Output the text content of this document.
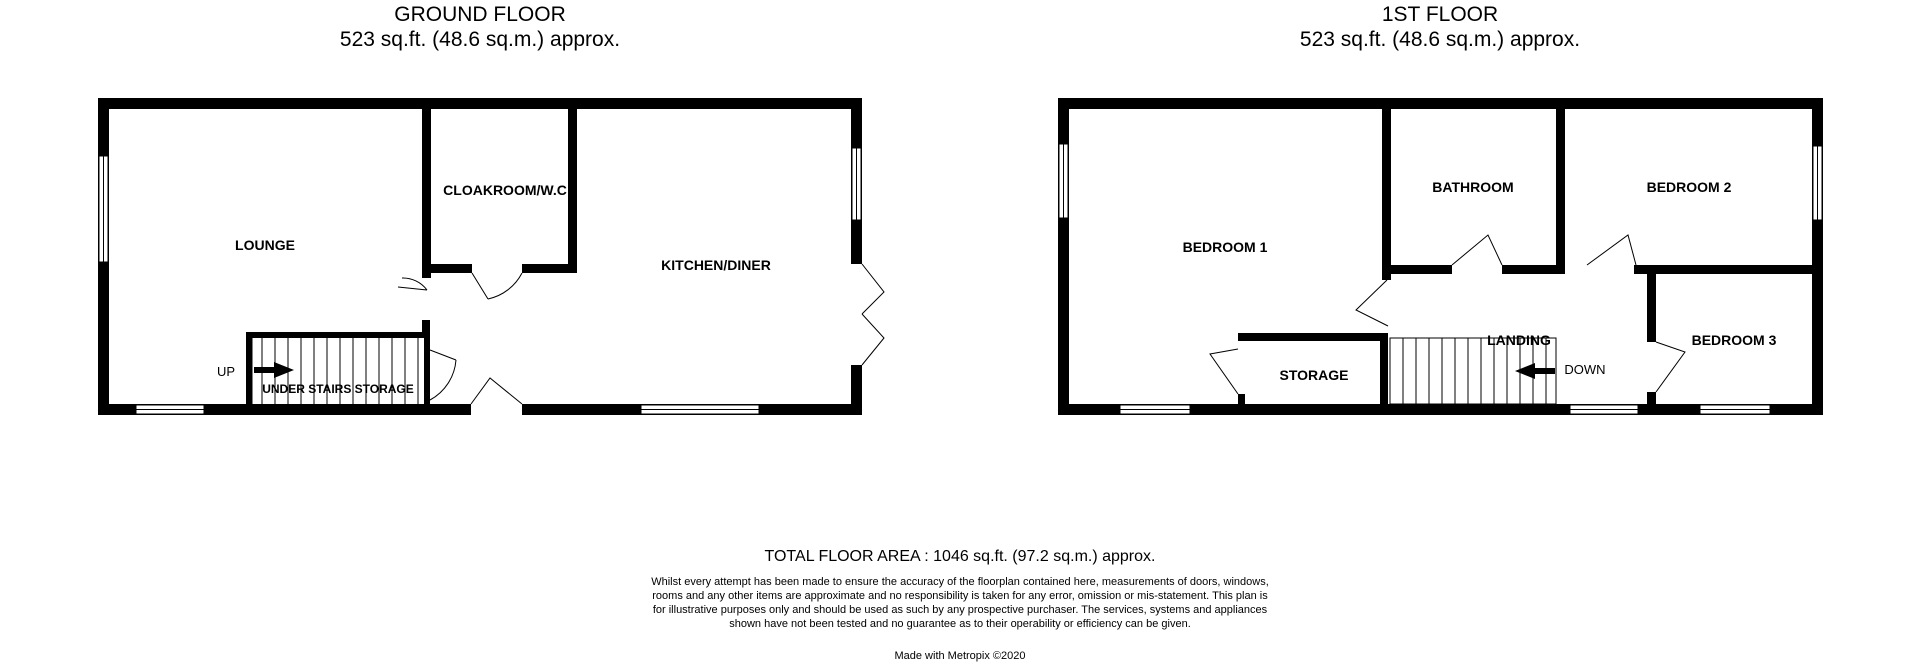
GROUND FLOOR
523 sq.ft. (48.6 sq.m.) approx.
1ST FLOOR
523 sq.ft. (48.6 sq.m.) approx.
LOUNGE
CLOAKROOM/W.C
KITCHEN/DINER
UNDER STAIRS STORAGE
UP
BEDROOM 1
BATHROOM	BEDROOM 2
BEDROOM 3
LANDING
STORAGE	DOWN
TOTAL FLOOR AREA : 1046 sq.ft. (97.2 sq.m.) approx.
Whilst every attempt has been made to ensure the accuracy of the floorplan contained here, measurements of doors, windows, rooms and any other items are approximate and no responsibility is taken for any error, omission or mis-statement. This plan is for illustrative purposes only and should be used as such by any prospective purchaser. The services, systems and appliances shown have not been tested and no guarantee as to their operability or efficiency can be given.
Made with Metropix ©2020
